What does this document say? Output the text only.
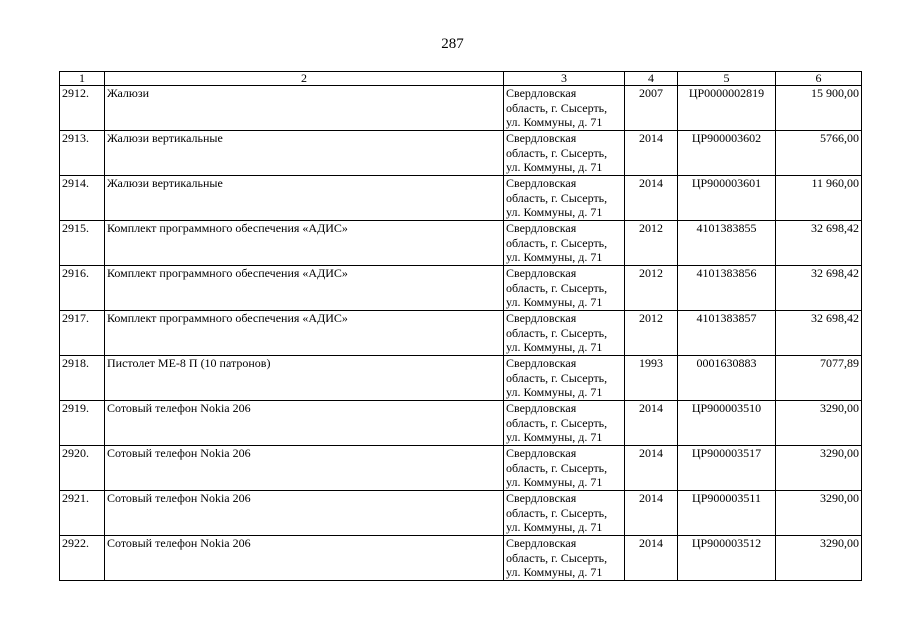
287
1	2	3	4	5	6
2912.	Жалюзи	Свердловская
область, г. Сысерть,
ул. Коммуны, д. 71	2007	ЦР0000002819	15 900,00
2913.	Жалюзи вертикальные	Свердловская
область, г. Сысерть,
ул. Коммуны, д. 71	2014	ЦР900003602	5766,00
2914.	Жалюзи вертикальные	Свердловская
область, г. Сысерть,
ул. Коммуны, д. 71	2014	ЦР900003601	11 960,00
2915.	Комплект программного обеспечения «АДИС»	Свердловская
область, г. Сысерть,
ул. Коммуны, д. 71	2012	4101383855	32 698,42
2916.	Комплект программного обеспечения «АДИС»	Свердловская
область, г. Сысерть,
ул. Коммуны, д. 71	2012	4101383856	32 698,42
2917.	Комплект программного обеспечения «АДИС»	Свердловская
область, г. Сысерть,
ул. Коммуны, д. 71	2012	4101383857	32 698,42
2918.	Пистолет МЕ-8 П (10 патронов)	Свердловская
область, г. Сысерть,
ул. Коммуны, д. 71	1993	0001630883	7077,89
2919.	Сотовый телефон Nokia 206	Свердловская
область, г. Сысерть,
ул. Коммуны, д. 71	2014	ЦР900003510	3290,00
2920.	Сотовый телефон Nokia 206	Свердловская
область, г. Сысерть,
ул. Коммуны, д. 71	2014	ЦР900003517	3290,00
2921.	Сотовый телефон Nokia 206	Свердловская
область, г. Сысерть,
ул. Коммуны, д. 71	2014	ЦР900003511	3290,00
2922.	Сотовый телефон Nokia 206	Свердловская
область, г. Сысерть,
ул. Коммуны, д. 71	2014	ЦР900003512	3290,00
